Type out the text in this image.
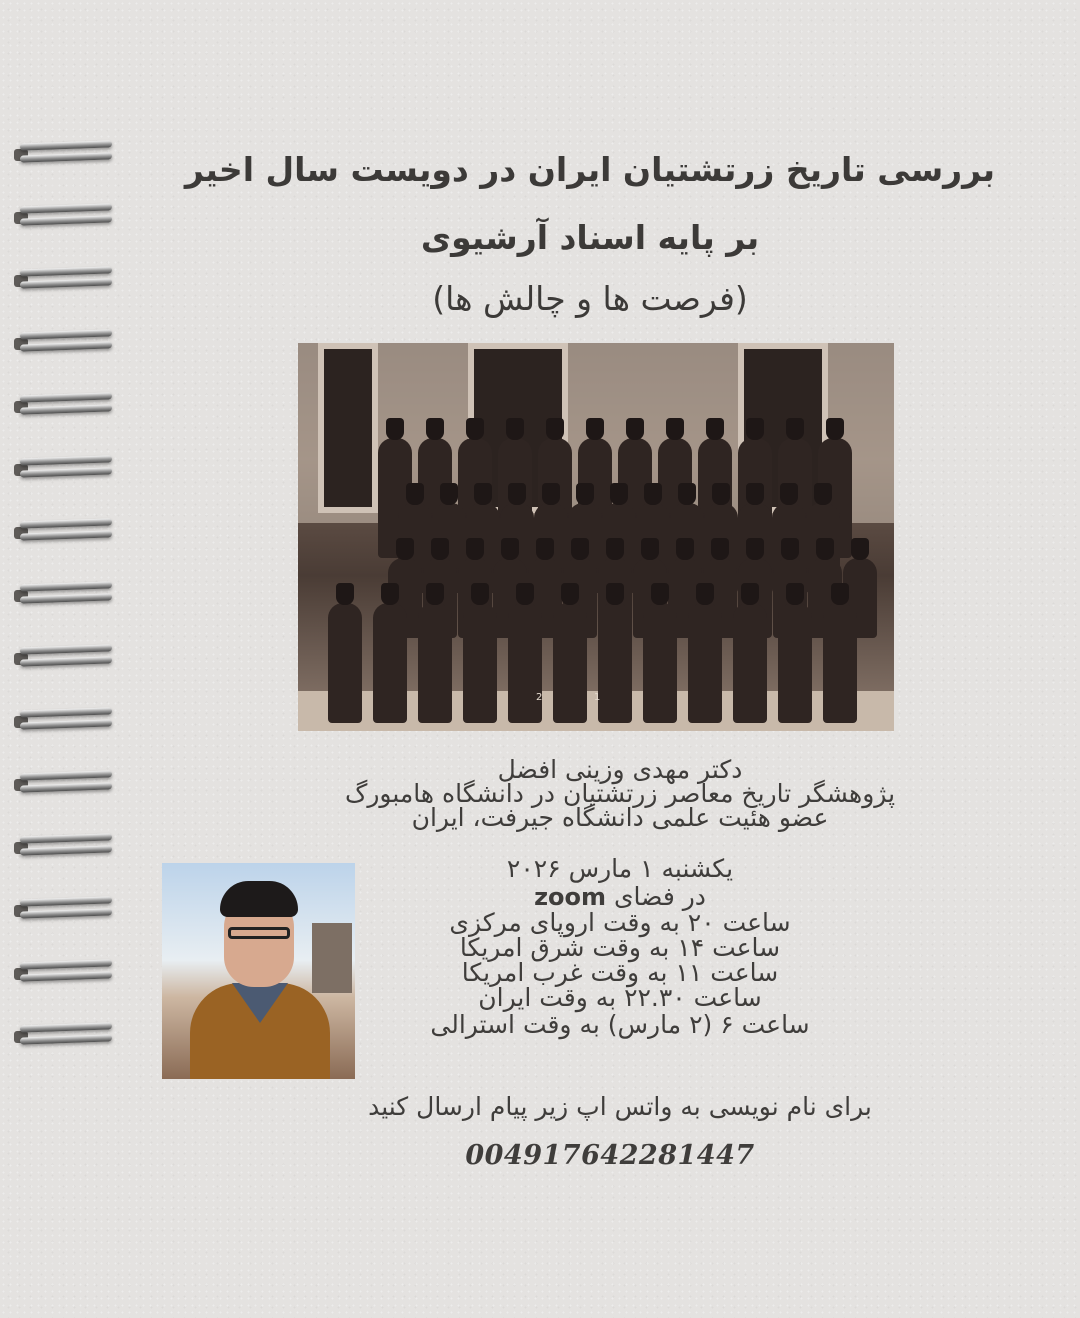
بررسی تاریخ زرتشتیان ایران در دویست سال اخیر
بر پایه اسناد آرشیوی
(فرصت ها و چالش ها)
2	1
دکتر مهدی وزینی افضل
پژوهشگر تاریخ معاصر زرتشتیان در دانشگاه هامبورگ
عضو هئیت علمی دانشگاه جیرفت، ایران
یکشنبه ۱ مارس ۲۰۲۶
در فضای zoom
ساعت ۲۰ به وقت اروپای مرکزی
ساعت ۱۴ به وقت شرق امریکا
ساعت ۱۱ به وقت غرب امریکا
ساعت ۲۲.۳۰ به وقت ایران
ساعت ۶ (۲ مارس) به وقت استرالی
برای نام نویسی به واتس اپ زیر پیام ارسال کنید
004917642281447
